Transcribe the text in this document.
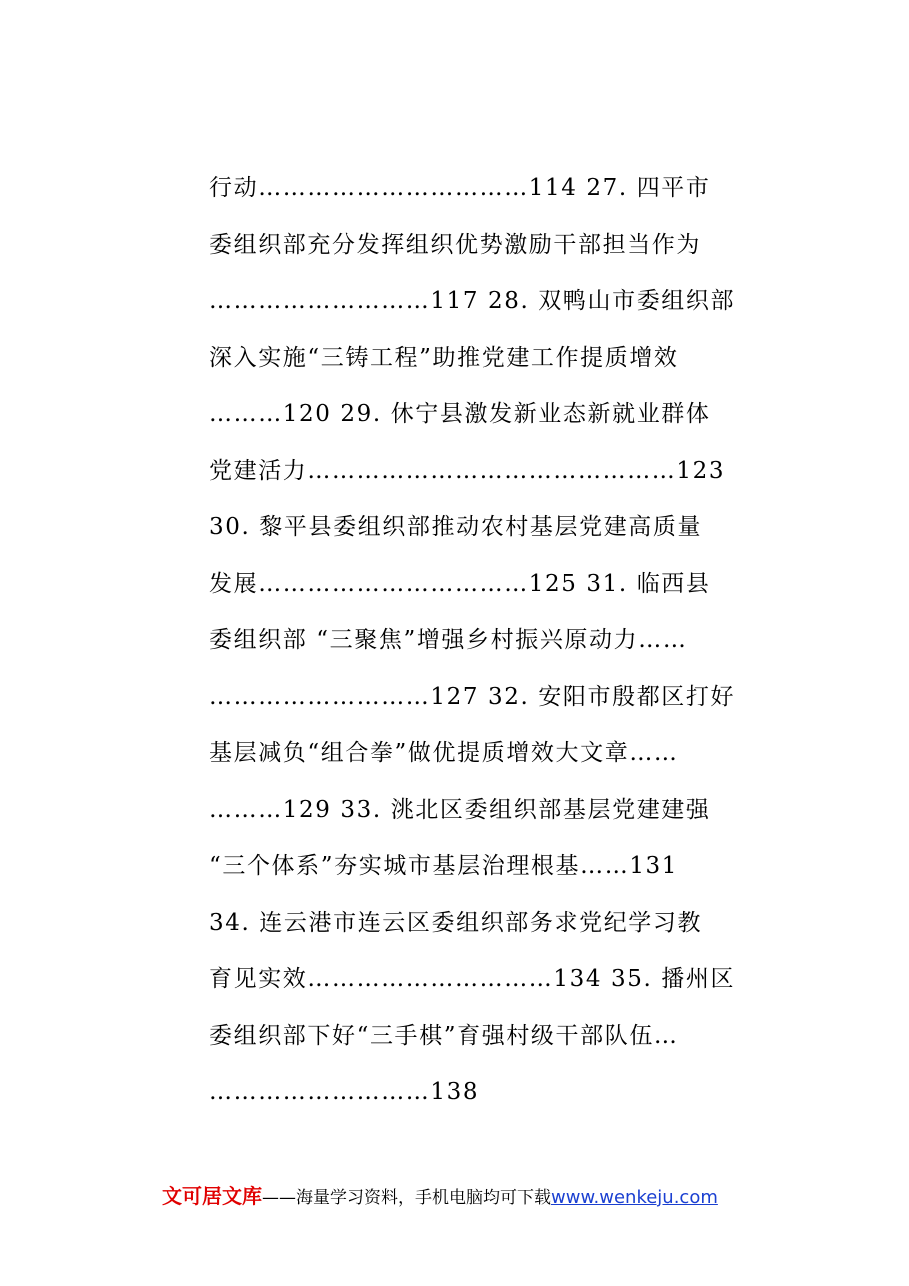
行动……………………………114 27. 四平市
委组织部充分发挥组织优势激励干部担当作为
………………………117 28. 双鸭山市委组织部
深入实施“三铸工程”助推党建工作提质增效
………120 29. 休宁县激发新业态新就业群体
党建活力………………………………………123
30. 黎平县委组织部推动农村基层党建高质量
发展……………………………125 31. 临西县
委组织部 “三聚焦”增强乡村振兴原动力……
………………………127 32. 安阳市殷都区打好
基层减负“组合拳”做优提质增效大文章……
………129 33. 洮北区委组织部基层党建建强
“三个体系”夯实城市基层治理根基……131
34. 连云港市连云区委组织部务求党纪学习教
育见实效…………………………134 35. 播州区
委组织部下好“三手棋”育强村级干部队伍…
………………………138
文可居文库——海量学习资料，手机电脑均可下载www.wenkeju.com
